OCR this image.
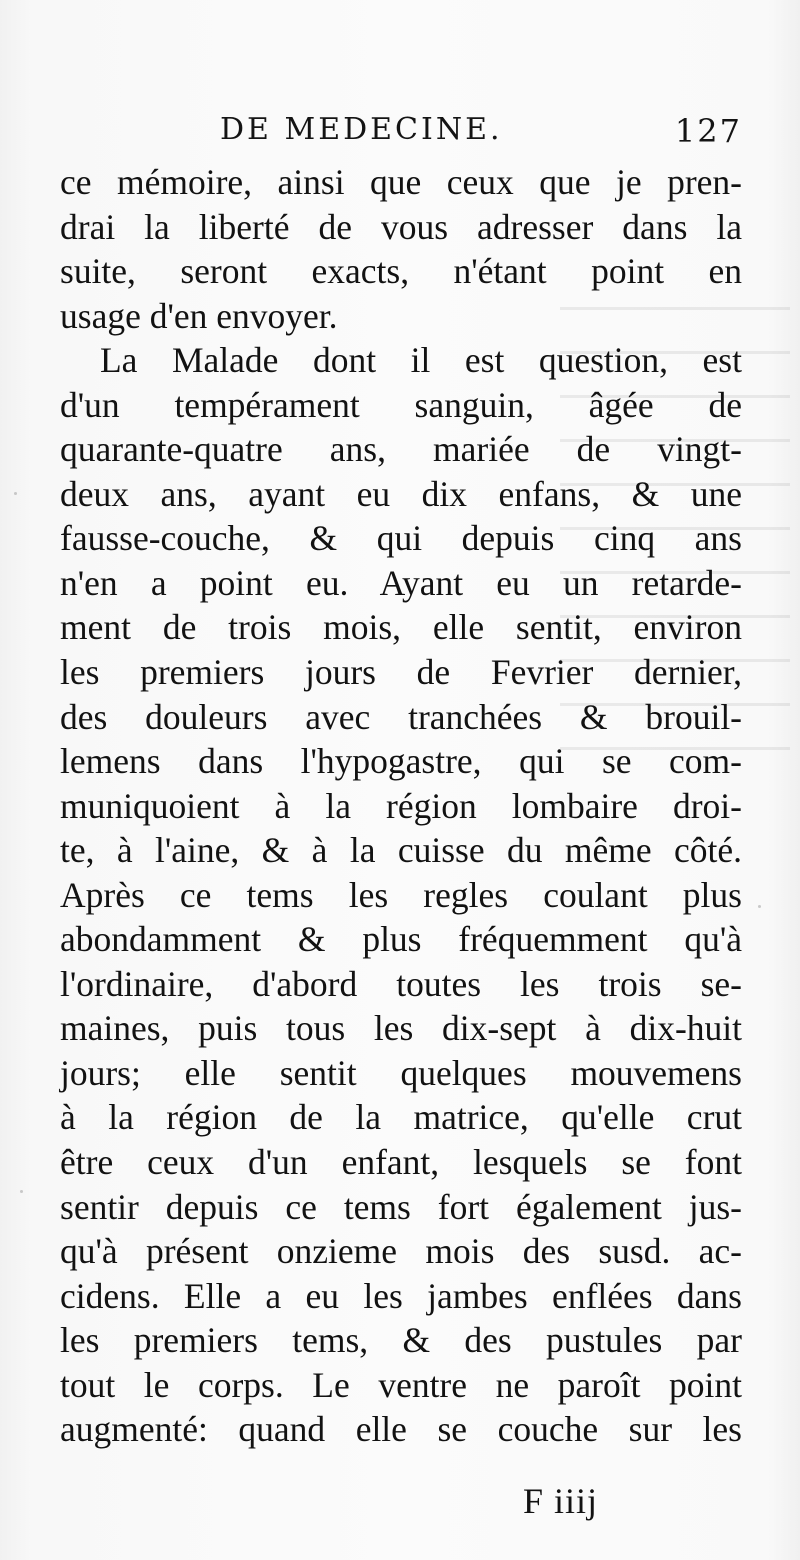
DE MEDECINE.	127
ce mémoire, ainsi que ceux que je pren-
drai la liberté de vous adresser dans la
suite, seront exacts, n'étant point en
usage d'en envoyer.
La Malade dont il est question, est
d'un tempérament sanguin, âgée de
quarante-quatre ans, mariée de vingt-
deux ans, ayant eu dix enfans, & une
fausse-couche, & qui depuis cinq ans
n'en a point eu. Ayant eu un retarde-
ment de trois mois, elle sentit, environ
les premiers jours de Fevrier dernier,
des douleurs avec tranchées & brouil-
lemens dans l'hypogastre, qui se com-
muniquoient à la région lombaire droi-
te, à l'aine, & à la cuisse du même côté.
Après ce tems les regles coulant plus
abondamment & plus fréquemment qu'à
l'ordinaire, d'abord toutes les trois se-
maines, puis tous les dix-sept à dix-huit
jours; elle sentit quelques mouvemens
à la région de la matrice, qu'elle crut
être ceux d'un enfant, lesquels se font
sentir depuis ce tems fort également jus-
qu'à présent onzieme mois des susd. ac-
cidens. Elle a eu les jambes enflées dans
les premiers tems, & des pustules par
tout le corps. Le ventre ne paroît point
augmenté: quand elle se couche sur les
F iiij
